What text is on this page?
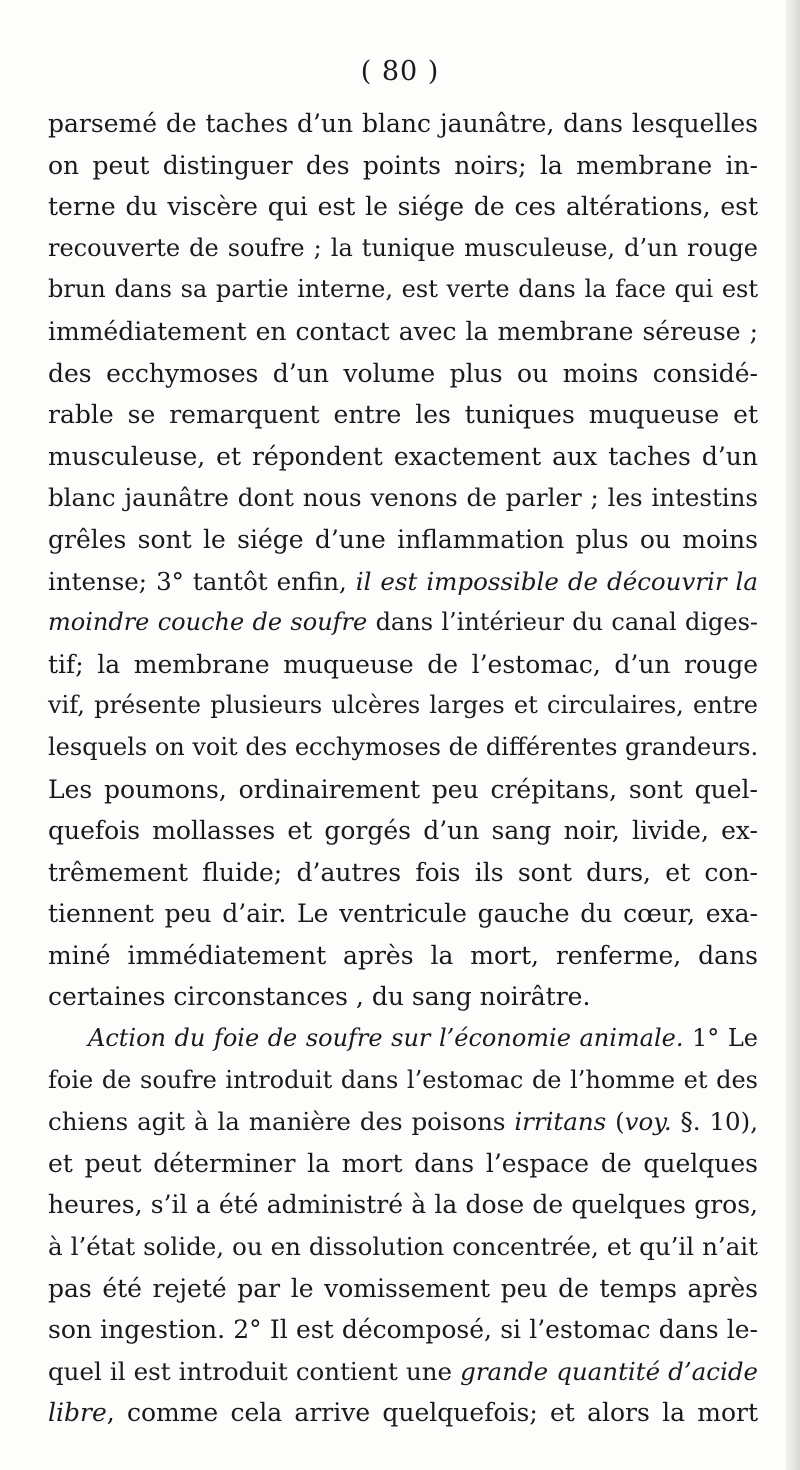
( 80 )
parsemé de taches d’un blanc jaunâtre, dans lesquelles
on peut distinguer des points noirs; la membrane in-
terne du viscère qui est le siége de ces altérations, est
recouverte de soufre ; la tunique musculeuse, d’un rouge
brun dans sa partie interne, est verte dans la face qui est
immédiatement en contact avec la membrane séreuse ;
des ecchymoses d’un volume plus ou moins considé-
rable se remarquent entre les tuniques muqueuse et
musculeuse, et répondent exactement aux taches d’un
blanc jaunâtre dont nous venons de parler ; les intestins
grêles sont le siége d’une inflammation plus ou moins
intense; 3° tantôt enfin, il est impossible de découvrir la
moindre couche de soufre dans l’intérieur du canal diges-
tif; la membrane muqueuse de l’estomac, d’un rouge
vif, présente plusieurs ulcères larges et circulaires, entre
lesquels on voit des ecchymoses de différentes grandeurs.
Les poumons, ordinairement peu crépitans, sont quel-
quefois mollasses et gorgés d’un sang noir, livide, ex-
trêmement fluide; d’autres fois ils sont durs, et con-
tiennent peu d’air. Le ventricule gauche du cœur, exa-
miné immédiatement après la mort, renferme, dans
certaines circonstances , du sang noirâtre.
Action du foie de soufre sur l’économie animale. 1° Le
foie de soufre introduit dans l’estomac de l’homme et des
chiens agit à la manière des poisons irritans (voy. §. 10),
et peut déterminer la mort dans l’espace de quelques
heures, s’il a été administré à la dose de quelques gros,
à l’état solide, ou en dissolution concentrée, et qu’il n’ait
pas été rejeté par le vomissement peu de temps après
son ingestion. 2° Il est décomposé, si l’estomac dans le-
quel il est introduit contient une grande quantité d’acide
libre, comme cela arrive quelquefois; et alors la mort
